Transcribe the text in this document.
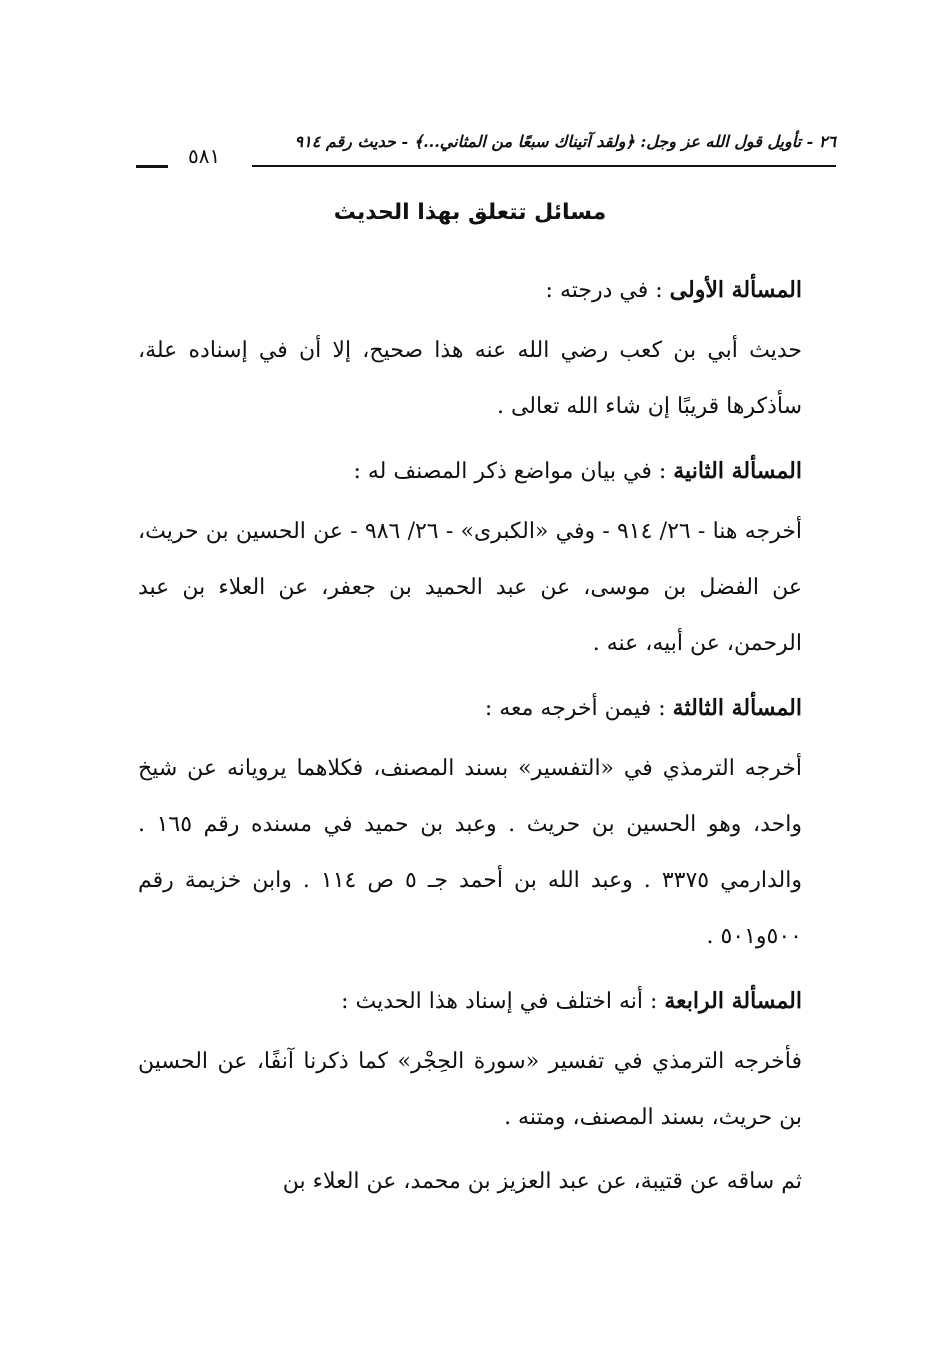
٢٦ - تأويل قول الله عز وجل: ﴿ولقد آتيناك سبعًا من المثاني...﴾ - حديث رقم ٩١٤
٥٨١
مسائل تتعلق بهذا الحديث

المسألة الأولى : في درجته :

حديث أبي بن كعب رضي الله عنه هذا صحيح، إلا أن في إسناده علة، سأذكرها قريبًا إن شاء الله تعالى .

المسألة الثانية : في بيان مواضع ذكر المصنف له :

أخرجه هنا - ٢٦/ ٩١٤ - وفي «الكبرى» - ٢٦/ ٩٨٦ - عن الحسين بن حريث، عن الفضل بن موسى، عن عبد الحميد بن جعفر، عن العلاء بن عبد الرحمن، عن أبيه، عنه .

المسألة الثالثة : فيمن أخرجه معه :

أخرجه الترمذي في «التفسير» بسند المصنف، فكلاهما يرويانه عن شيخ واحد، وهو الحسين بن حريث . وعبد بن حميد في مسنده رقم ١٦٥ . والدارمي ٣٣٧٥ . وعبد الله بن أحمد جـ ٥ ص ١١٤ . وابن خزيمة رقم ٥٠٠و٥٠١ .

المسألة الرابعة : أنه اختلف في إسناد هذا الحديث :

فأخرجه الترمذي في تفسير «سورة الحِجْر» كما ذكرنا آنفًا، عن الحسين بن حريث، بسند المصنف، ومتنه .

ثم ساقه عن قتيبة، عن عبد العزيز بن محمد، عن العلاء بن
